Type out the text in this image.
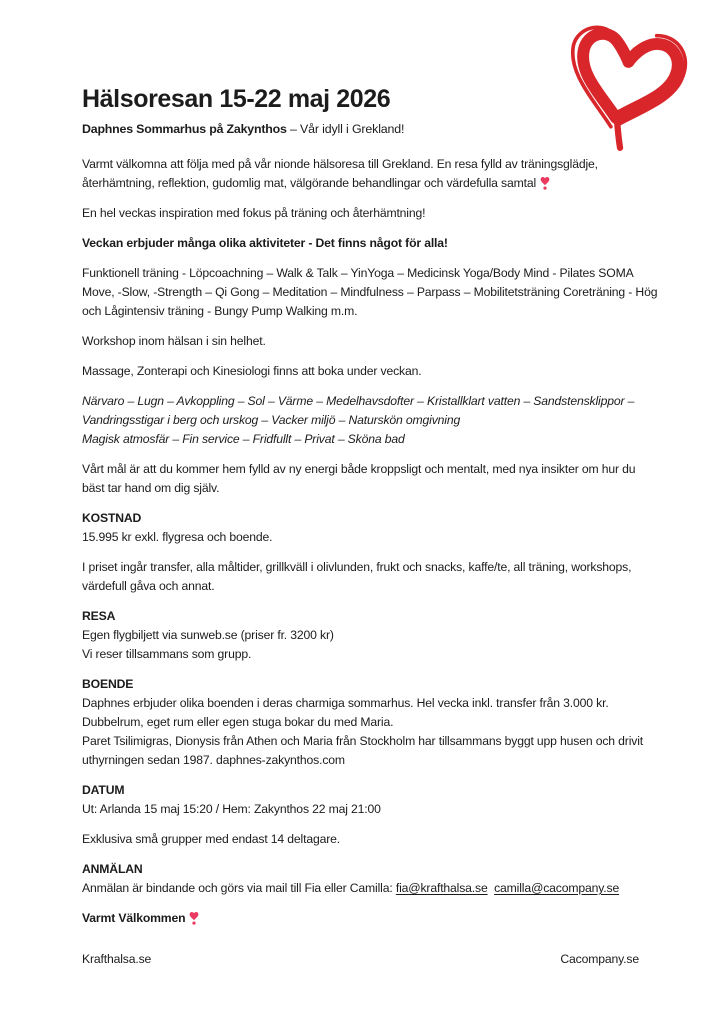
Hälsoresan 15-22 maj 2026

Daphnes Sommarhus på Zakynthos – Vår idyll i Grekland!

Varmt välkomna att följa med på vår nionde hälsoresa till Grekland. En resa fylld av träningsglädje, återhämtning, reflektion, gudomlig mat, välgörande behandlingar och värdefulla samtal

En hel veckas inspiration med fokus på träning och återhämtning!

Veckan erbjuder många olika aktiviteter - Det finns något för alla!

Funktionell träning - Löpcoachning – Walk & Talk – YinYoga – Medicinsk Yoga/Body Mind - Pilates SOMA Move, -Slow, -Strength – Qi Gong – Meditation – Mindfulness – Parpass – Mobilitetsträning Coreträning - Hög och Lågintensiv träning - Bungy Pump Walking m.m.

Workshop inom hälsan i sin helhet.

Massage, Zonterapi och Kinesiologi finns att boka under veckan.

Närvaro – Lugn – Avkoppling – Sol – Värme – Medelhavsdofter – Kristallklart vatten – Sandstensklippor – Vandringsstigar i berg och urskog – Vacker miljö – Naturskön omgivning
Magisk atmosfär – Fin service – Fridfullt – Privat – Sköna bad

Vårt mål är att du kommer hem fylld av ny energi både kroppsligt och mentalt, med nya insikter om hur du bäst tar hand om dig själv.

KOSTNAD
15.995 kr exkl. flygresa och boende.

I priset ingår transfer, alla måltider, grillkväll i olivlunden, frukt och snacks, kaffe/te, all träning, workshops, värdefull gåva och annat.

RESA
Egen flygbiljett via sunweb.se (priser fr. 3200 kr)
Vi reser tillsammans som grupp.
BOENDE
Daphnes erbjuder olika boenden i deras charmiga sommarhus. Hel vecka inkl. transfer från 3.000 kr.
Dubbelrum, eget rum eller egen stuga bokar du med Maria.
Paret Tsilimigras, Dionysis från Athen och Maria från Stockholm har tillsammans byggt upp husen och drivit uthyrningen sedan 1987. daphnes-zakynthos.com
DATUM
Ut: Arlanda 15 maj 15:20 / Hem: Zakynthos 22 maj 21:00

Exklusiva små grupper med endast 14 deltagare.

ANMÄLAN
Anmälan är bindande och görs via mail till Fia eller Camilla: fia@krafthalsa.se camilla@cacompany.se

Varmt Välkommen

Krafthalsa.se	Cacompany.se
